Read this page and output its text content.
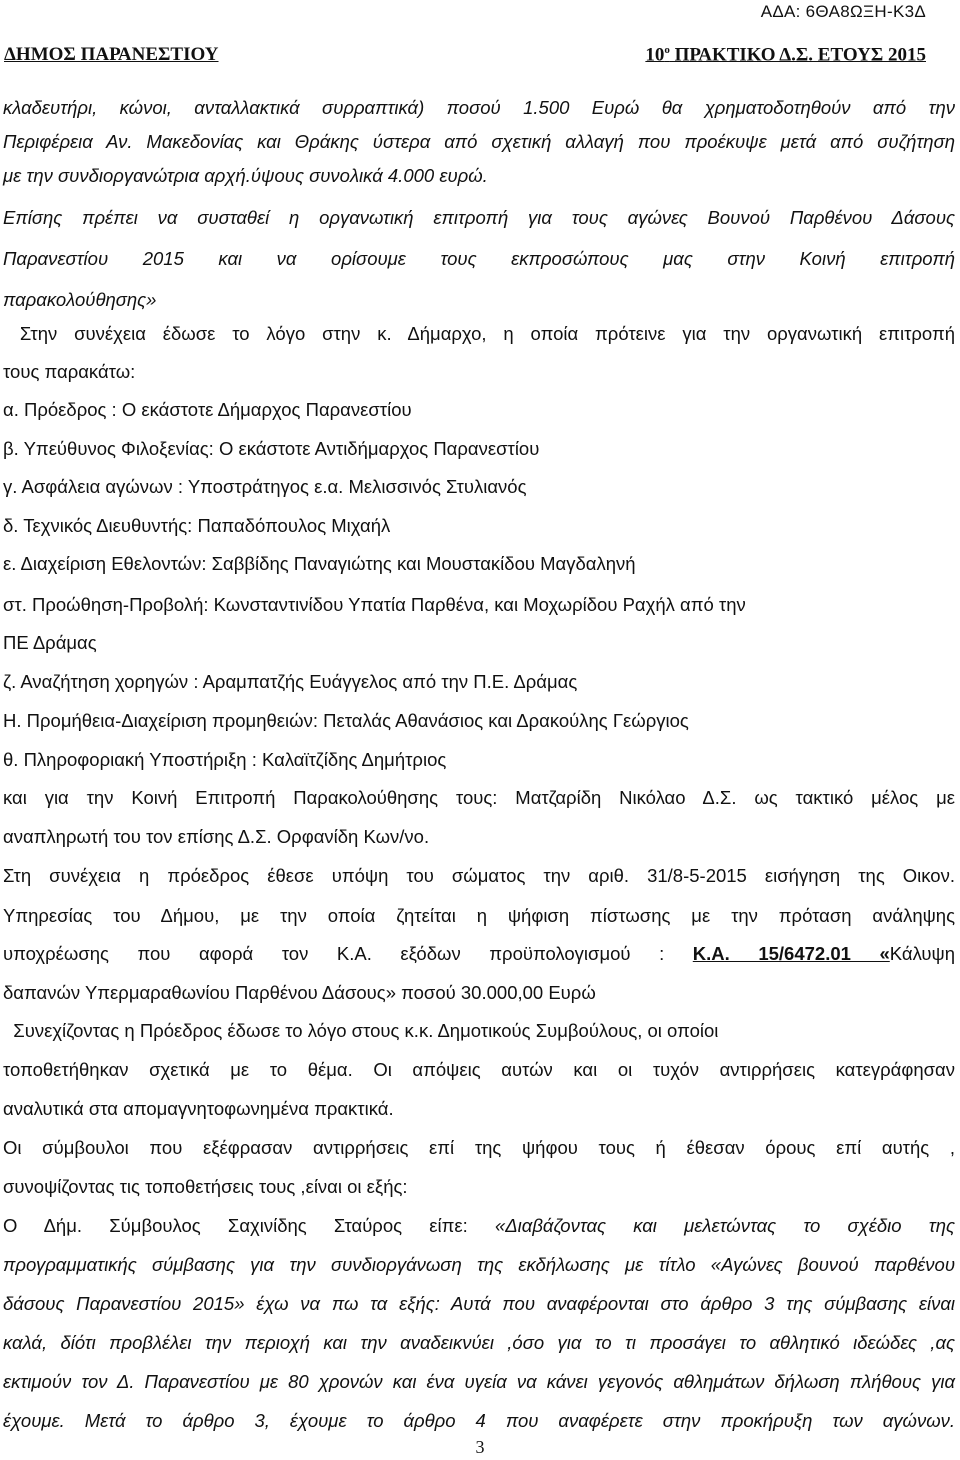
ΑΔΑ: 6ΘΑ8ΩΞΗ-Κ3Δ
ΔΗΜΟΣ ΠΑΡΑΝΕΣΤΙΟΥ	$10^o$ ΠΡΑΚΤΙΚΟ Δ.Σ. ΕΤΟΥΣ 2015
κλαδευτήρι, κώνοι, ανταλλακτικά συρραπτικά) ποσού 1.500 Ευρώ θα χρηματοδοτηθούν από την
Περιφέρεια Αν. Μακεδονίας και Θράκης ύστερα από σχετική αλλαγή που προέκυψε μετά από συζήτηση
με την συνδιοργανώτρια αρχή.ύψους συνολικά 4.000 ευρώ.
Επίσης πρέπει να συσταθεί η οργανωτική επιτροπή για τους αγώνες Βουνού Παρθένου Δάσους
Παρανεστίου 2015 και να ορίσουμε τους εκπροσώπους μας στην Κοινή επιτροπή
παρακολούθησης»
Στην συνέχεια έδωσε το λόγο στην κ. Δήμαρχο, η οποία πρότεινε για την οργανωτική επιτροπή
τους παρακάτω:
α. Πρόεδρος : Ο εκάστοτε Δήμαρχος Παρανεστίου
β. Υπεύθυνος Φιλοξενίας: Ο εκάστοτε Αντιδήμαρχος Παρανεστίου
γ. Ασφάλεια αγώνων : Υποστράτηγος ε.α. Μελισσινός Στυλιανός
δ. Τεχνικός Διευθυντής: Παπαδόπουλος Μιχαήλ
ε. Διαχείριση Εθελοντών: Σαββίδης Παναγιώτης και Μουστακίδου Μαγδαληνή
στ. Προώθηση-Προβολή: Κωνσταντινίδου Υπατία Παρθένα, και Μοχωρίδου Ραχήλ από την
ΠΕ Δράμας
ζ. Αναζήτηση χορηγών : Αραμπατζής Ευάγγελος από την Π.Ε. Δράμας
Η. Προμήθεια-Διαχείριση προμηθειών: Πεταλάς Αθανάσιος και Δρακούλης Γεώργιος
θ. Πληροφοριακή Υποστήριξη : Καλαϊτζίδης Δημήτριος
και για την Κοινή Επιτροπή Παρακολούθησης τους: Ματζαρίδη Νικόλαο Δ.Σ. ως τακτικό μέλος με
αναπληρωτή του τον επίσης Δ.Σ. Ορφανίδη Κων/νο.
Στη συνέχεια η πρόεδρος έθεσε υπόψη του σώματος την αριθ. 31/8-5-2015 εισήγηση της Οικον.
Υπηρεσίας του Δήμου, με την οποία ζητείται η ψήφιση πίστωσης με την πρόταση ανάληψης
υποχρέωσης που αφορά τον Κ.Α. εξόδων προϋπολογισμού : Κ.Α. 15/6472.01 «Κάλυψη
δαπανών Υπερμαραθωνίου Παρθένου Δάσους» ποσού 30.000,00 Ευρώ
Συνεχίζοντας η Πρόεδρος έδωσε το λόγο στους κ.κ. Δημοτικούς Συμβούλους, οι οποίοι
τοποθετήθηκαν σχετικά με το θέμα. Οι απόψεις αυτών και οι τυχόν αντιρρήσεις κατεγράφησαν
αναλυτικά στα απομαγνητοφωνημένα πρακτικά.
Οι σύμβουλοι που εξέφρασαν αντιρρήσεις επί της ψήφου τους ή έθεσαν όρους επί αυτής ,
συνοψίζοντας τις τοποθετήσεις τους ,είναι οι εξής:
Ο Δήμ. Σύμβουλος Σαχινίδης Σταύρος είπε: «Διαβάζοντας και μελετώντας το σχέδιο της
προγραμματικής σύμβασης για την συνδιοργάνωση της εκδήλωσης με τίτλο «Αγώνες βουνού παρθένου
δάσους Παρανεστίου 2015» έχω να πω τα εξής: Αυτά που αναφέρονται στο άρθρο 3 της σύμβασης είναι
καλά, δίότι προβλέλει την περιοχή και την αναδεικνύει ,όσο για το τι προσάγει το αθλητικό ιδεώδες ,ας
εκτιμούν τον Δ. Παρανεστίου με 80 χρονών και ένα υγεία να κάνει γεγονός αθλημάτων δήλωση πλήθους για
έχουμε. Μετά το άρθρο 3, έχουμε το άρθρο 4 που αναφέρετε στην προκήρυξη των αγώνων.
3
